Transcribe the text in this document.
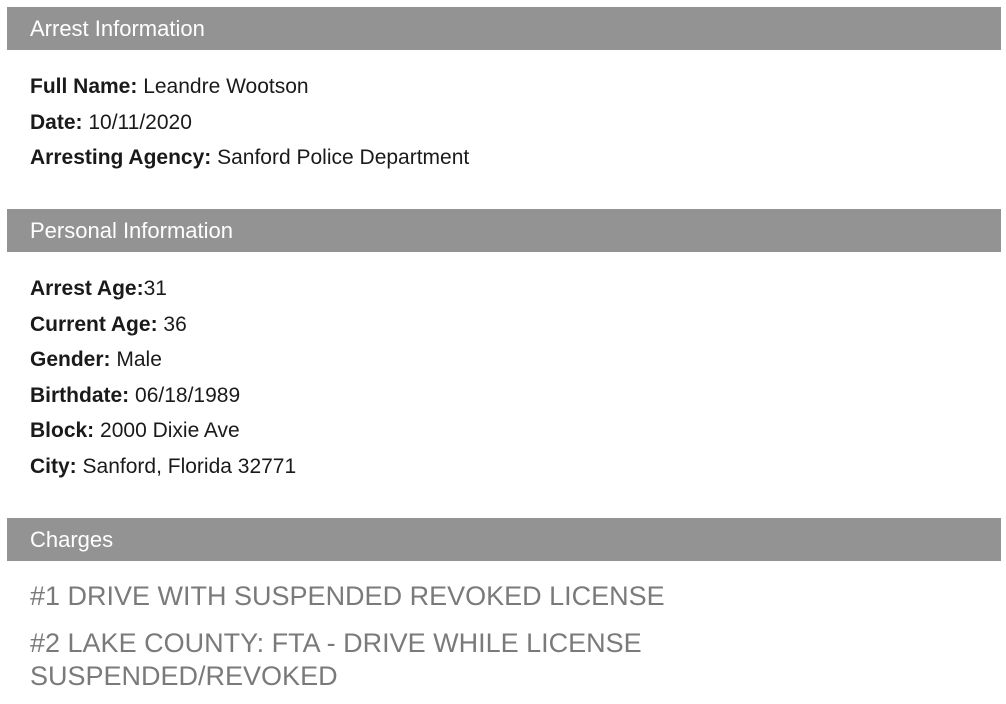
Arrest Information
Full Name: Leandre Wootson
Date: 10/11/2020
Arresting Agency: Sanford Police Department
Personal Information
Arrest Age:31
Current Age: 36
Gender: Male
Birthdate: 06/18/1989
Block: 2000 Dixie Ave
City: Sanford, Florida 32771
Charges
#1 DRIVE WITH SUSPENDED REVOKED LICENSE
#2 LAKE COUNTY: FTA - DRIVE WHILE LICENSE SUSPENDED/REVOKED
